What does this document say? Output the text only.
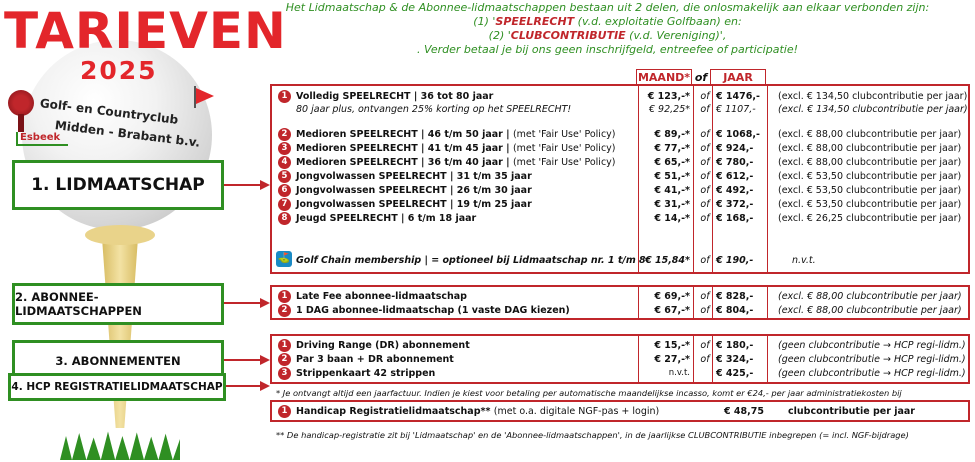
TARIEVEN
2025
Golf- en Countryclub
Midden - Brabant b.v.
Esbeek
1. LIDMAATSCHAP
2. ABONNEE-LIDMAATSCHAPPEN
3. ABONNEMENTEN
4. HCP REGISTRATIELIDMAATSCHAP
Het Lidmaatschap & de Abonnee-lidmaatschappen bestaan uit 2 delen, die onlosmakelijk aan elkaar verbonden zijn:
(1) 'SPEELRECHT (v.d. exploitatie Golfbaan) en:
(2) 'CLUBCONTRIBUTIE (v.d. Vereniging)',
. Verder betaal je bij ons geen inschrijfgeld, entreefee of participatie!
MAAND* of	JAAR
1 Volledig SPEELRECHT | 36 tot 80 jaar	€ 123,-*	of € 1476,-	(excl. € 134,50 clubcontributie per jaar)
80 jaar plus, ontvangen 25% korting op het SPEELRECHT!	€ 92,25*	of € 1107,-	(excl. € 134,50 clubcontributie per jaar)
2 Medioren SPEELRECHT | 46 t/m 50 jaar | (met 'Fair Use' Policy)	€ 89,-*	of € 1068,-	(excl. € 88,00 clubcontributie per jaar)
3 Medioren SPEELRECHT | 41 t/m 45 jaar | (met 'Fair Use' Policy)	€ 77,-*	of € 924,-	(excl. € 88,00 clubcontributie per jaar)
4 Medioren SPEELRECHT | 36 t/m 40 jaar | (met 'Fair Use' Policy)	€ 65,-*	of € 780,-	(excl. € 88,00 clubcontributie per jaar)
5 Jongvolwassen SPEELRECHT | 31 t/m 35 jaar	€ 51,-*	of € 612,-	(excl. € 53,50 clubcontributie per jaar)
6 Jongvolwassen SPEELRECHT | 26 t/m 30 jaar	€ 41,-*	of € 492,-	(excl. € 53,50 clubcontributie per jaar)
7 Jongvolwassen SPEELRECHT | 19 t/m 25 jaar	€ 31,-*	of € 372,-	(excl. € 53,50 clubcontributie per jaar)
8 Jeugd SPEELRECHT | 6 t/m 18 jaar	€ 14,-*	of € 168,-	(excl. € 26,25 clubcontributie per jaar)
⛳ Golf Chain membership | = optioneel bij Lidmaatschap nr. 1 t/m 8 € 15,84*	of € 190,-	n.v.t.
1 Late Fee abonnee-lidmaatschap	€ 69,-*	of € 828,-	(excl. € 88,00 clubcontributie per jaar)
2 1 DAG abonnee-lidmaatschap (1 vaste DAG kiezen)	€ 67,-*	of € 804,-	(excl. € 88,00 clubcontributie per jaar)
1 Driving Range (DR) abonnement	€ 15,-*	of € 180,-	(geen clubcontributie → HCP regi-lidm.)
2 Par 3 baan + DR abonnement	€ 27,-*	of € 324,-	(geen clubcontributie → HCP regi-lidm.)
3 Strippenkaart 42 strippen	n.v.t.	€ 425,-	(geen clubcontributie → HCP regi-lidm.)
* Je ontvangt altijd een jaarfactuur. Indien je kiest voor betaling per automatische maandelijkse incasso, komt er €24,- per jaar administratiekosten bij
1 Handicap Registratielidmaatschap** (met o.a. digitale NGF-pas + login)	€ 48,75	clubcontributie per jaar
** De handicap-registratie zit bij 'Lidmaatschap' en de 'Abonnee-lidmaatschappen', in de jaarlijkse CLUBCONTRIBUTIE inbegrepen (= incl. NGF-bijdrage)
